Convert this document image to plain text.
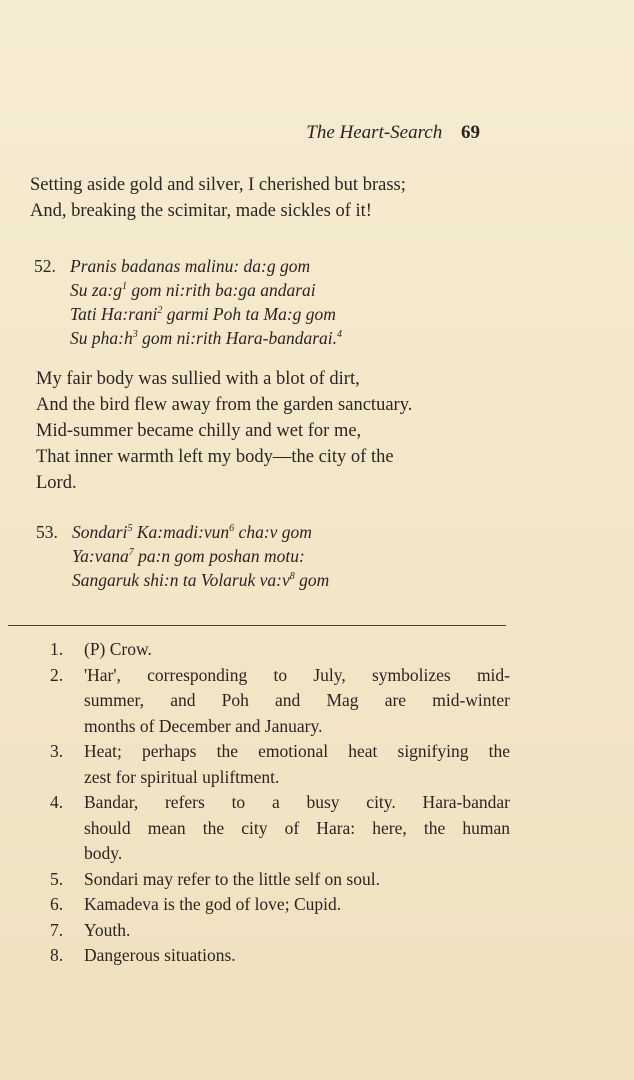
The Heart-Search 69
Setting aside gold and silver, I cherished but brass;
And, breaking the scimitar, made sickles of it!
52. Pranis badanas malinu: da:g gom
Su $za:g^1$ gom ni:rith ba:ga andarai
Tati Ha:rani$^2$ garmi Poh ta Ma:g gom
Su $pha:h^3$ gom ni:rith Hara-bandarai.$^4$
My fair body was sullied with a blot of dirt,
And the bird flew away from the garden sanctuary.
Mid-summer became chilly and wet for me,
That inner warmth left my body—the city of the
Lord.
53. Sondari$^5$ Ka:madi:vun$^6$ cha:v gom
Ya:vana$^7$ pa:n gom poshan motu:
Sangaruk shi:n ta Volaruk $va:v^8$ gom
1.	(P) Crow.
2.	'Har', corresponding to July, symbolizes mid-
summer, and Poh and Mag are mid-winter
months of December and January.
3.	Heat; perhaps the emotional heat signifying the
zest for spiritual upliftment.
4.	Bandar, refers to a busy city. Hara-bandar
should mean the city of Hara: here, the human
body.
5.	Sondari may refer to the little self on soul.
6.	Kamadeva is the god of love; Cupid.
7.	Youth.
8.	Dangerous situations.
